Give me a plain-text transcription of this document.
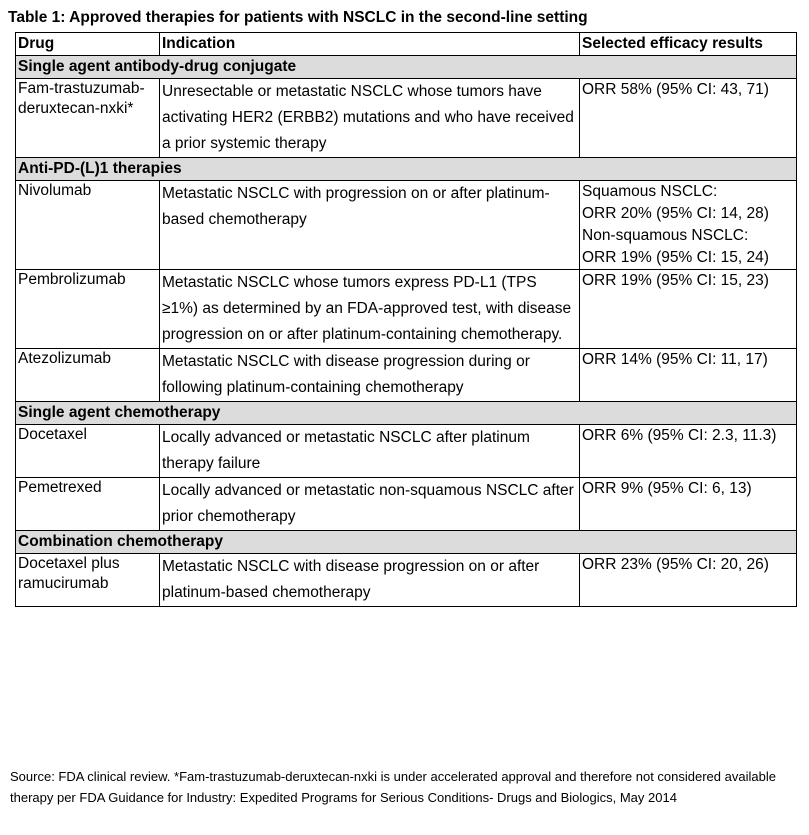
Table 1: Approved therapies for patients with NSCLC in the second-line setting
Drug	Indication	Selected efficacy results
Single agent antibody-drug conjugate		
Fam-trastuzumab-deruxtecan-nxki*	Unresectable or metastatic NSCLC whose tumors have activating HER2 (ERBB2) mutations and who have received a prior systemic therapy	ORR 58% (95% CI: 43, 71)

Anti-PD-(L)1 therapies		
Nivolumab	Metastatic NSCLC with progression on or after platinum-based chemotherapy	Squamous NSCLC:
ORR 20% (95% CI: 14, 28)
Non-squamous NSCLC:
ORR 19% (95% CI: 15, 24)

Pembrolizumab	Metastatic NSCLC whose tumors express PD-L1 (TPS ≥1%) as determined by an FDA-approved test, with disease progression on or after platinum-containing chemotherapy.	ORR 19% (95% CI: 15, 23)

Atezolizumab	Metastatic NSCLC with disease progression during or following platinum-containing chemotherapy	ORR 14% (95% CI: 11, 17)

Single agent chemotherapy		
Docetaxel	Locally advanced or metastatic NSCLC after platinum therapy failure	ORR 6% (95% CI: 2.3, 11.3)

Pemetrexed	Locally advanced or metastatic non-squamous NSCLC after prior chemotherapy	ORR 9% (95% CI: 6, 13)

Combination chemotherapy		
Docetaxel plus ramucirumab	Metastatic NSCLC with disease progression on or after platinum-based chemotherapy	ORR 23% (95% CI: 20, 26)
Source: FDA clinical review. *Fam-trastuzumab-deruxtecan-nxki is under accelerated approval and therefore not considered available therapy per FDA Guidance for Industry: Expedited Programs for Serious Conditions- Drugs and Biologics, May 2014
